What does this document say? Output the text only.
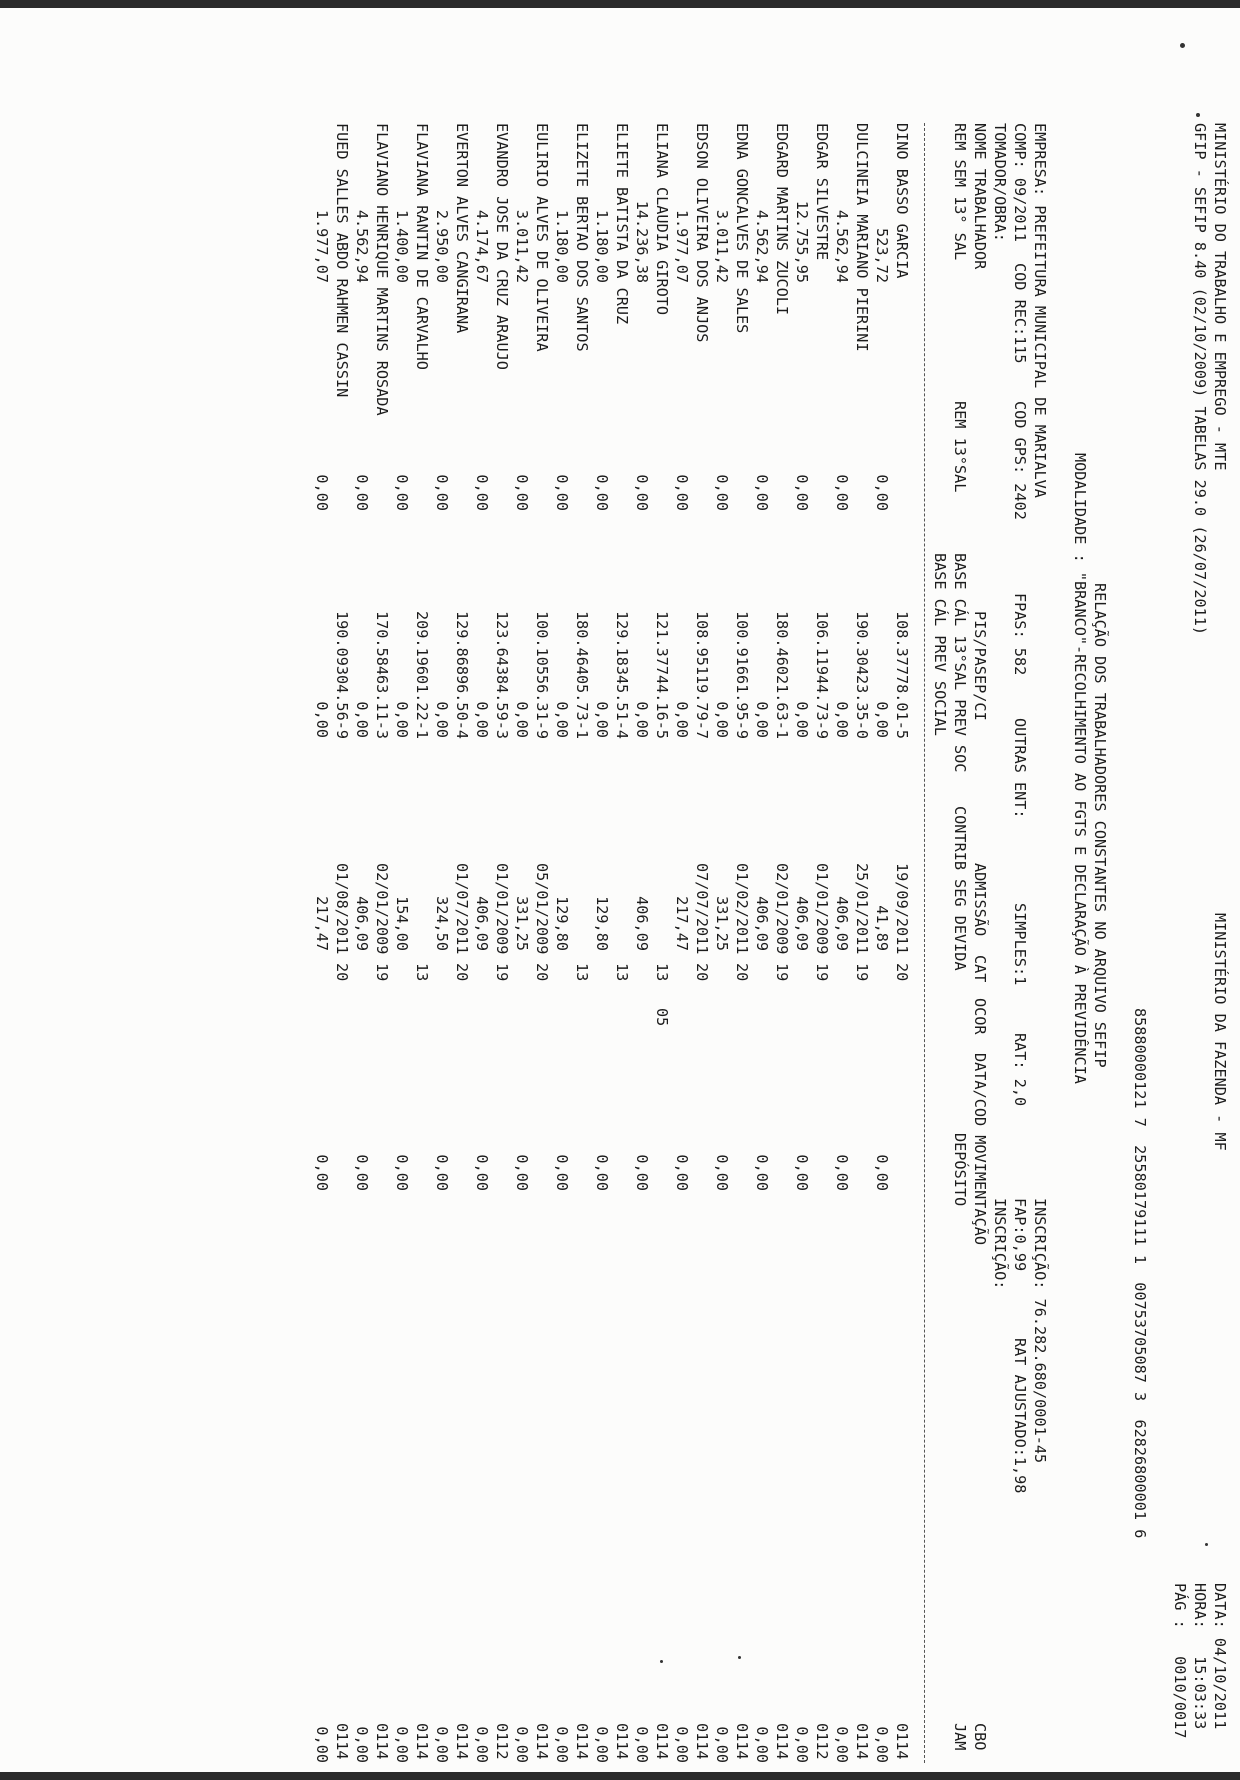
MINISTÉRIO DO TRABALHO E EMPREGO - MTE

MINISTÉRIO DA FAZENDA - MF

DATA: 04/10/2011

GFIP - SEFIP 8.40 (02/10/2009) TABELAS 29.0 (26/07/2011)

HORA:   15:03:33

PÁG :   0010/0017

85880000121 7  25580179111 1  00753705087 3  62826800001 6

RELAÇÃO DOS TRABALHADORES CONSTANTES NO ARQUIVO SEFIP

MODALIDADE : "BRANCO"-RECOLHIMENTO AO FGTS E DECLARAÇÃO À PREVIDÊNCIA

EMPRESA: PREFEITURA MUNICIPAL DE MARIALVA

INSCRIÇÃO: 76.282.680/0001-45

COMP: 09/2011

COD REC:115

COD GPS: 2402

FPAS: 582

OUTRAS ENT:

SIMPLES:1

RAT: 2,0

FAP:0,99

RAT AJUSTADO:1,98

TOMADOR/OBRA:

INSCRIÇÃO:

NOME TRABALHADOR

PIS/PASEP/CI

ADMISSÃO

CAT

OCOR

DATA/COD MOVIMENTAÇÃO

CBO

REM SEM 13° SAL

REM 13°SAL

BASE CÁL 13°SAL PREV SOC

CONTRIB SEG DEVIDA

DEPÓSITO

JAM

BASE CÁL PREV SOCIAL

DINO BASSO GARCIA
108.37778.01-5
19/09/2011
20
0114
523,72
0,00
0,00
41,89
0,00
0,00
DULCINEIA MARIANO PIERINI
190.30423.35-0
25/01/2011
19
0114
4.562,94
0,00
0,00
406,09
0,00
0,00
EDGAR SILVESTRE
106.11944.73-9
01/01/2009
19
0112
12.755,95
0,00
0,00
406,09
0,00
0,00
EDGARD MARTINS ZUCOLI
180.46021.63-1
02/01/2009
19
0114
4.562,94
0,00
0,00
406,09
0,00
0,00
EDNA GONCALVES DE SALES
100.91661.95-9
01/02/2011
20
0114
3.011,42
0,00
0,00
331,25
0,00
0,00
EDSON OLIVEIRA DOS ANJOS
108.95119.79-7
07/07/2011
20
0114
1.977,07
0,00
0,00
217,47
0,00
0,00
ELIANA CLAUDIA GIROTO
121.37744.16-5
13
05
0114
14.236,38
0,00
0,00
406,09
0,00
0,00
ELIETE BATISTA DA CRUZ
129.18345.51-4
13
0114
1.180,00
0,00
0,00
129,80
0,00
0,00
ELIZETE BERTAO DOS SANTOS
180.46405.73-1
13
0114
1.180,00
0,00
0,00
129,80
0,00
0,00
EULIRIO ALVES DE OLIVEIRA
100.10556.31-9
05/01/2009
20
0114
3.011,42
0,00
0,00
331,25
0,00
0,00
EVANDRO JOSE DA CRUZ ARAUJO
123.64384.59-3
01/01/2009
19
0112
4.174,67
0,00
0,00
406,09
0,00
0,00
EVERTON ALVES CANGIRANA
129.86896.50-4
01/07/2011
20
0114
2.950,00
0,00
0,00
324,50
0,00
0,00
FLAVIANA RANTIN DE CARVALHO
209.19601.22-1
13
0114
1.400,00
0,00
0,00
154,00
0,00
0,00
FLAVIANO HENRIQUE MARTINS ROSADA
170.58463.11-3
02/01/2009
19
0114
4.562,94
0,00
0,00
406,09
0,00
0,00
FUED SALLES ABDO RAHMEN CASSIN
190.09304.56-9
01/08/2011
20
0114
1.977,07
0,00
0,00
217,47
0,00
0,00
